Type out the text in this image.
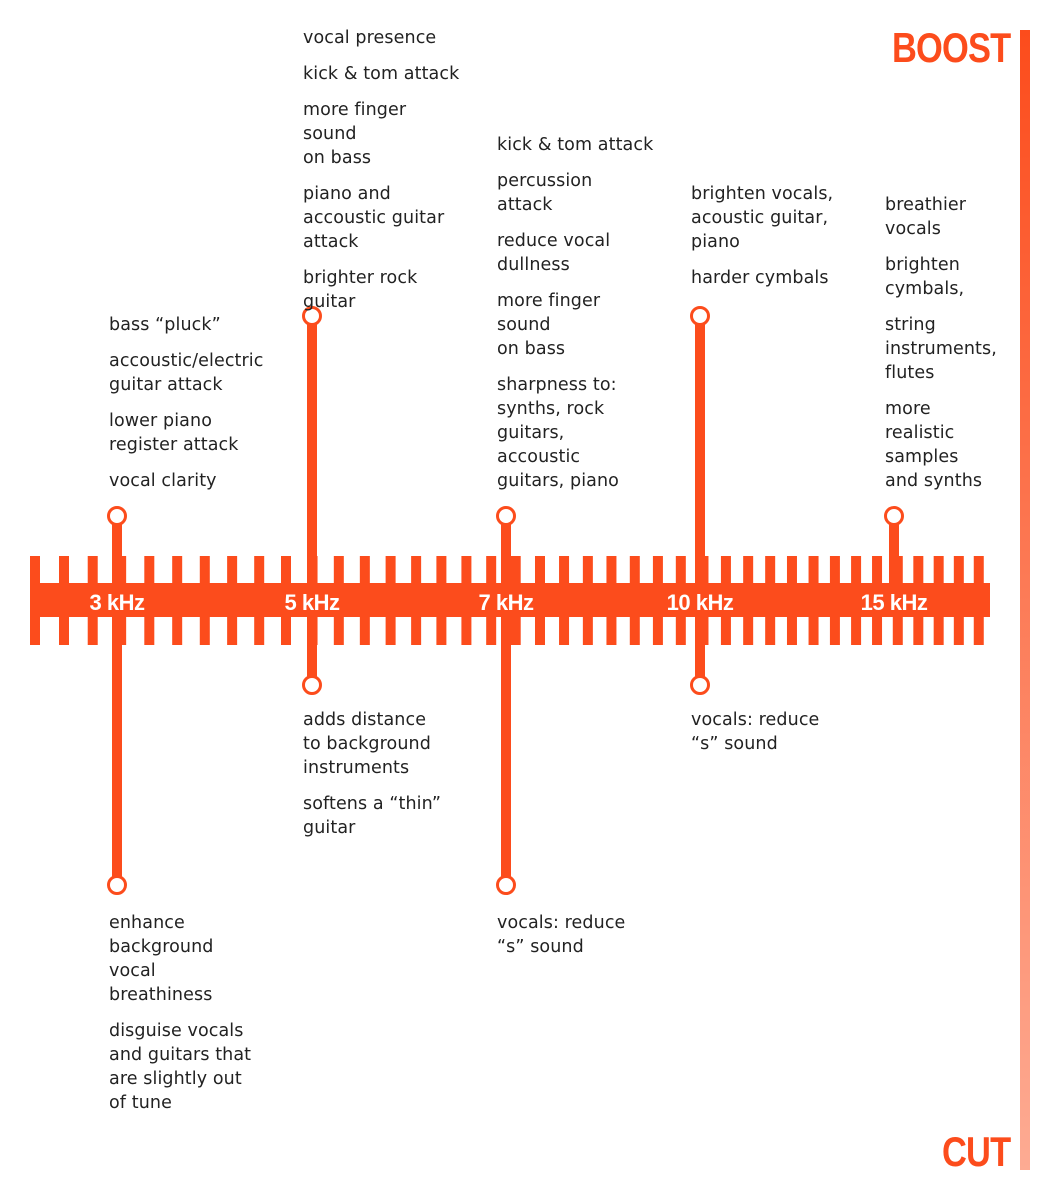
3 kHz	5 kHz	7 kHz	10 kHz	15 kHz
BOOST
CUT
bass “pluck”
accoustic/electric
guitar attack
lower piano
register attack
vocal clarity
enhance
background
vocal
breathiness
disguise vocals
and guitars that
are slightly out
of tune
vocal presence
kick & tom attack
more finger
sound
on bass
piano and
accoustic guitar
attack
brighter rock guitar
adds distance
to background
instruments
softens a “thin”
guitar
kick & tom attack
percussion
attack
reduce vocal
dullness
more finger
sound
on bass
sharpness to:
synths, rock
guitars,
accoustic
guitars, piano
vocals: reduce
“s” sound
brighten vocals,
acoustic guitar,
piano
harder cymbals
vocals: reduce
“s” sound
breathier
vocals
brighten
cymbals,
string
instruments,
flutes
more
realistic
samples
and synths
